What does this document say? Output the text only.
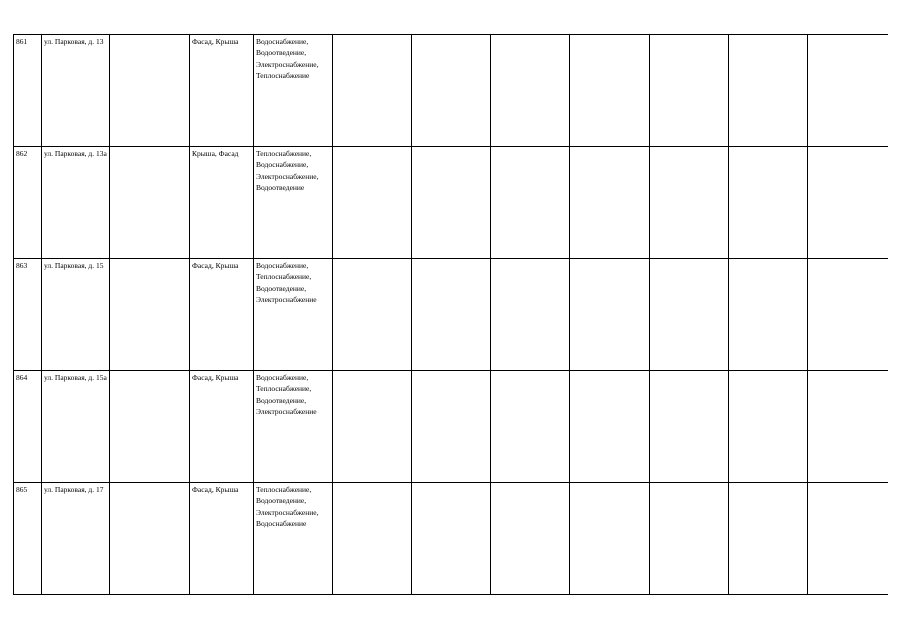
861	ул. Парковая, д. 13		Фасад, Крыша	Водоснабжение,
Водоотведение,
Электроснабжение,
Теплоснабжение							

862	ул. Парковая, д. 13а		Крыша, Фасад	Теплоснабжение,
Водоснабжение,
Электроснабжение,
Водоотведение							

863	ул. Парковая, д. 15		Фасад, Крыша	Водоснабжение,
Теплоснабжение,
Водоотведение,
Электроснабжение							

864	ул. Парковая, д. 15а		Фасад, Крыша	Водоснабжение,
Теплоснабжение,
Водоотведение,
Электроснабжение							

865	ул. Парковая, д. 17		Фасад, Крыша	Теплоснабжение,
Водоотведение,
Электроснабжение,
Водоснабжение							
